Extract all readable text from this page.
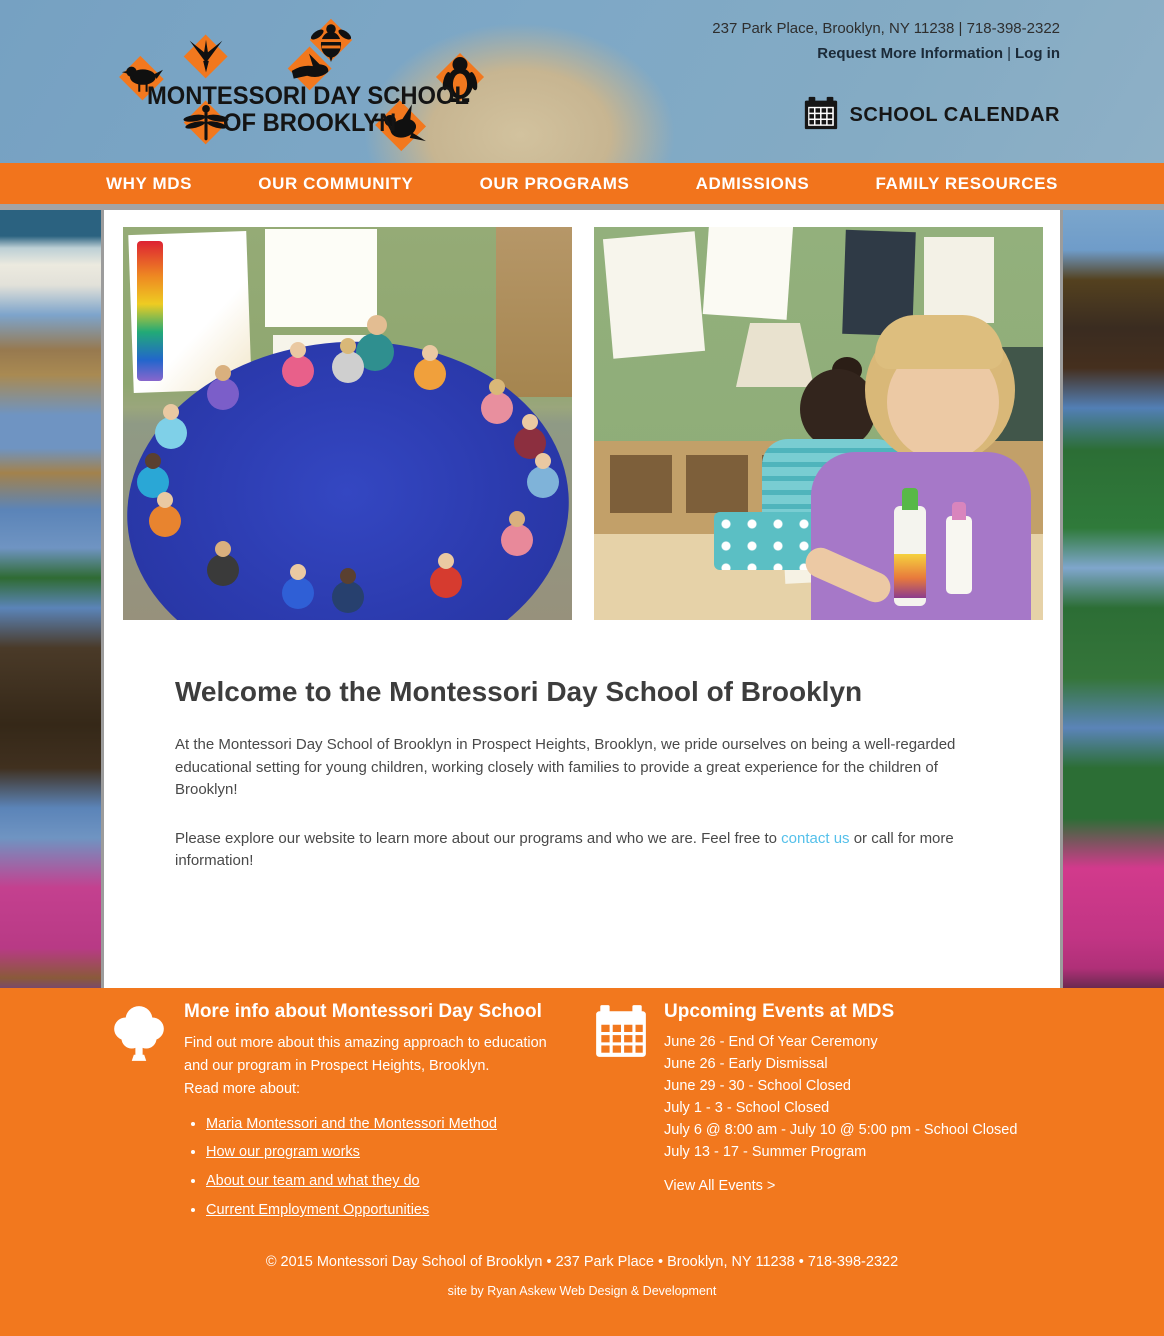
MONTESSORI DAY SCHOOL
OF BROOKLYN
237 Park Place, Brooklyn, NY 11238 | 718-398-2322
Request More Information | Log in
SCHOOL CALENDAR
WHY MDS	OUR COMMUNITY	OUR PROGRAMS	ADMISSIONS	FAMILY RESOURCES
Welcome to the Montessori Day School of Brooklyn

At the Montessori Day School of Brooklyn in Prospect Heights, Brooklyn, we pride ourselves on being a well-regarded educational setting for young children, working closely with families to provide a great experience for the children of Brooklyn!

Please explore our website to learn more about our programs and who we are. Feel free to contact us or call for more information!

More info about Montessori Day School

Find out more about this amazing approach to education and our program in Prospect Heights, Brooklyn.

Read more about:

• Maria Montessori and the Montessori Method
• How our program works
• About our team and what they do
• Current Employment Opportunities
Upcoming Events at MDS
June 26 - End Of Year Ceremony
June 26 - Early Dismissal
June 29 - 30 - School Closed
July 1 - 3 - School Closed
July 6 @ 8:00 am - July 10 @ 5:00 pm - School Closed
July 13 - 17 - Summer Program
View All Events >
© 2015 Montessori Day School of Brooklyn • 237 Park Place • Brooklyn, NY 11238 • 718-398-2322
site by Ryan Askew Web Design & Development
